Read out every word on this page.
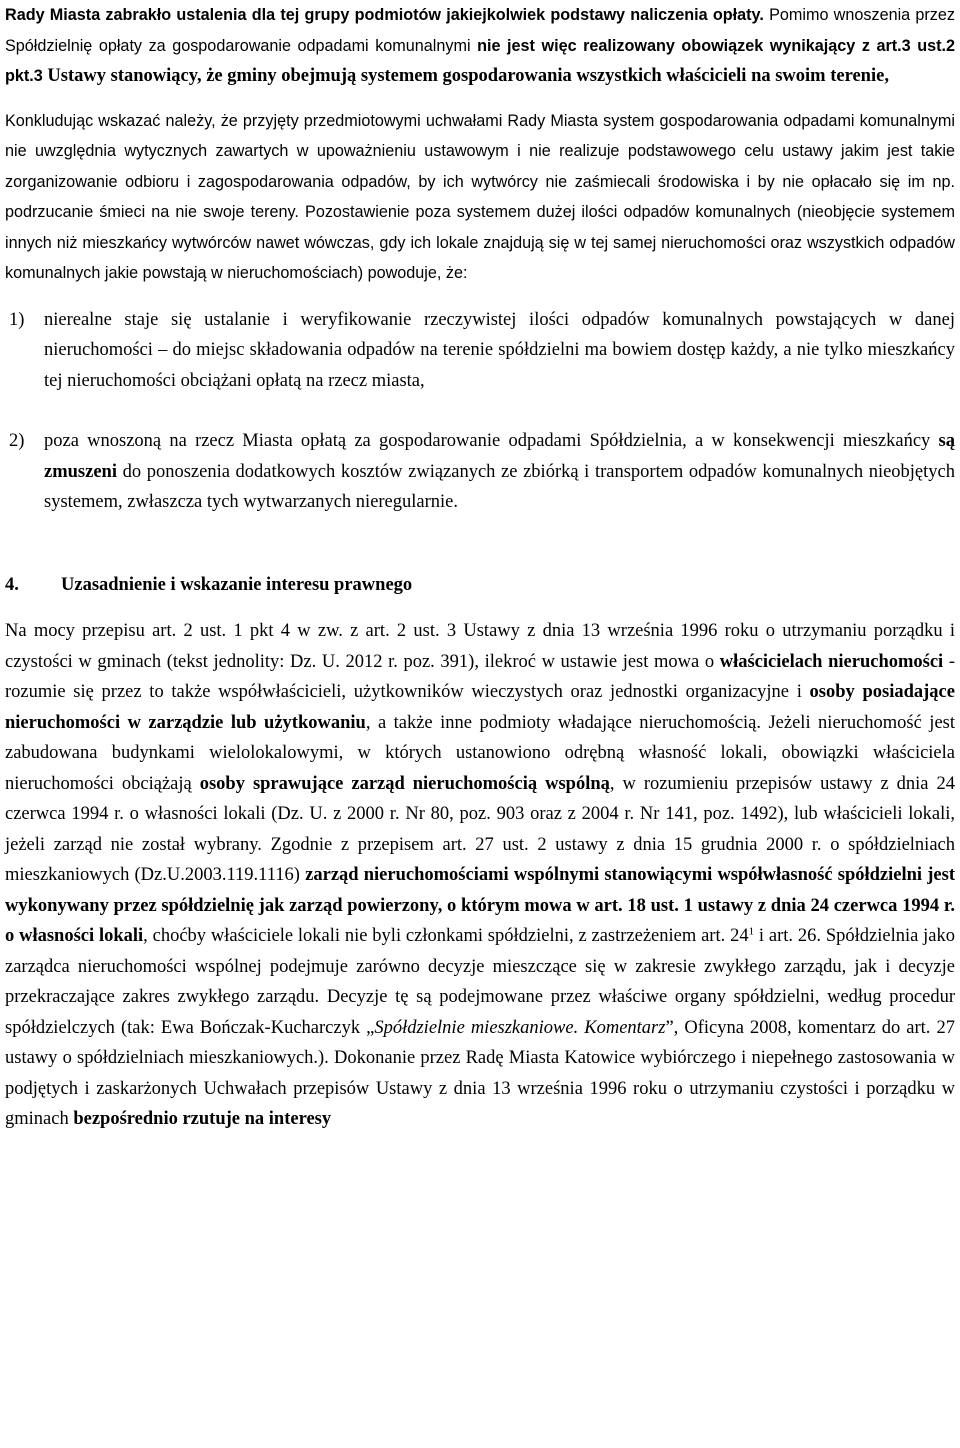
Rady Miasta zabrakło ustalenia dla tej grupy podmiotów jakiejkolwiek podstawy naliczenia opłaty. Pomimo wnoszenia przez Spółdzielnię opłaty za gospodarowanie odpadami komunalnymi nie jest więc realizowany obowiązek wynikający z art.3 ust.2 pkt.3 Ustawy stanowiący, że gminy obejmują systemem gospodarowania wszystkich właścicieli na swoim terenie,

Konkludując wskazać należy, że przyjęty przedmiotowymi uchwałami Rady Miasta system gospodarowania odpadami komunalnymi nie uwzględnia wytycznych zawartych w upoważnieniu ustawowym i nie realizuje podstawowego celu ustawy jakim jest takie zorganizowanie odbioru i zagospodarowania odpadów, by ich wytwórcy nie zaśmiecali środowiska i by nie opłacało się im np. podrzucanie śmieci na nie swoje tereny. Pozostawienie poza systemem dużej ilości odpadów komunalnych (nieobjęcie systemem innych niż mieszkańcy wytwórców nawet wówczas, gdy ich lokale znajdują się w tej samej nieruchomości oraz wszystkich odpadów komunalnych jakie powstają w nieruchomościach) powoduje, że:

1)	nierealne staje się ustalanie i weryfikowanie rzeczywistej ilości odpadów komunalnych powstających w danej nieruchomości – do miejsc składowania odpadów na terenie spółdzielni ma bowiem dostęp każdy, a nie tylko mieszkańcy tej nieruchomości obciążani opłatą na rzecz miasta,
2)	poza wnoszoną na rzecz Miasta opłatą za gospodarowanie odpadami Spółdzielnia, a w konsekwencji mieszkańcy są zmuszeni do ponoszenia dodatkowych kosztów związanych ze zbiórką i transportem odpadów komunalnych nieobjętych systemem, zwłaszcza tych wytwarzanych nieregularnie.
4. Uzasadnienie i wskazanie interesu prawnego

Na mocy przepisu art. 2 ust. 1 pkt 4 w zw. z art. 2 ust. 3 Ustawy z dnia 13 września 1996 roku o utrzymaniu porządku i czystości w gminach (tekst jednolity: Dz. U. 2012 r. poz. 391), ilekroć w ustawie jest mowa o właścicielach nieruchomości - rozumie się przez to także współwłaścicieli, użytkowników wieczystych oraz jednostki organizacyjne i osoby posiadające nieruchomości w zarządzie lub użytkowaniu, a także inne podmioty władające nieruchomością. Jeżeli nieruchomość jest zabudowana budynkami wielolokalowymi, w których ustanowiono odrębną własność lokali, obowiązki właściciela nieruchomości obciążają osoby sprawujące zarząd nieruchomością wspólną, w rozumieniu przepisów ustawy z dnia 24 czerwca 1994 r. o własności lokali (Dz. U. z 2000 r. Nr 80, poz. 903 oraz z 2004 r. Nr 141, poz. 1492), lub właścicieli lokali, jeżeli zarząd nie został wybrany. Zgodnie z przepisem art. 27 ust. 2 ustawy z dnia 15 grudnia 2000 r. o spółdzielniach mieszkaniowych (Dz.U.2003.119.1116) zarząd nieruchomościami wspólnymi stanowiącymi współwłasność spółdzielni jest wykonywany przez spółdzielnię jak zarząd powierzony, o którym mowa w art. 18 ust. 1 ustawy z dnia 24 czerwca 1994 r. o własności lokali, choćby właściciele lokali nie byli członkami spółdzielni, z zastrzeżeniem art. $24^1$ i art. 26. Spółdzielnia jako zarządca nieruchomości wspólnej podejmuje zarówno decyzje mieszczące się w zakresie zwykłego zarządu, jak i decyzje przekraczające zakres zwykłego zarządu. Decyzje tę są podejmowane przez właściwe organy spółdzielni, według procedur spółdzielczych (tak: Ewa Bończak-Kucharczyk „Spółdzielnie mieszkaniowe. Komentarz”, Oficyna 2008, komentarz do art. 27 ustawy o spółdzielniach mieszkaniowych.). Dokonanie przez Radę Miasta Katowice wybiórczego i niepełnego zastosowania w podjętych i zaskarżonych Uchwałach przepisów Ustawy z dnia 13 września 1996 roku o utrzymaniu czystości i porządku w gminach bezpośrednio rzutuje na interesy
